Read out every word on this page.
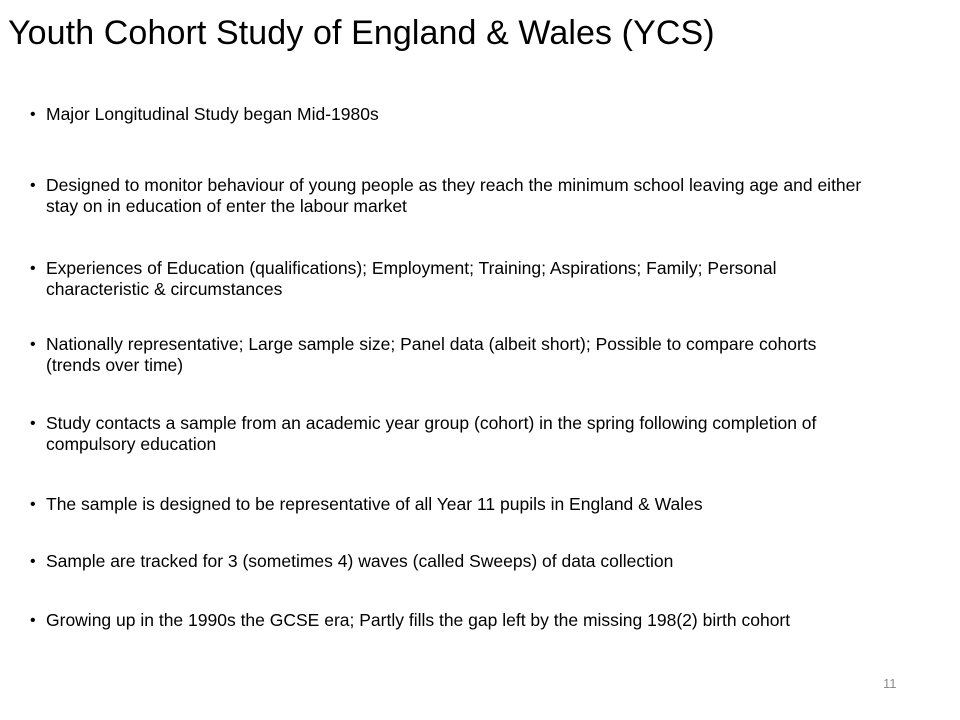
Youth Cohort Study of England & Wales (YCS)
• Major Longitudinal Study began Mid-1980s
• Designed to monitor behaviour of young people as they reach the minimum school leaving age and either stay on in education of enter the labour market
• Experiences of Education (qualifications); Employment; Training; Aspirations; Family; Personal characteristic & circumstances
• Nationally representative; Large sample size; Panel data (albeit short); Possible to compare cohorts (trends over time)
• Study contacts a sample from an academic year group (cohort) in the spring following completion of compulsory education
• The sample is designed to be representative of all Year 11 pupils in England & Wales
• Sample are tracked for 3 (sometimes 4) waves (called Sweeps) of data collection
• Growing up in the 1990s the GCSE era; Partly fills the gap left by the missing 198(2) birth cohort
11
